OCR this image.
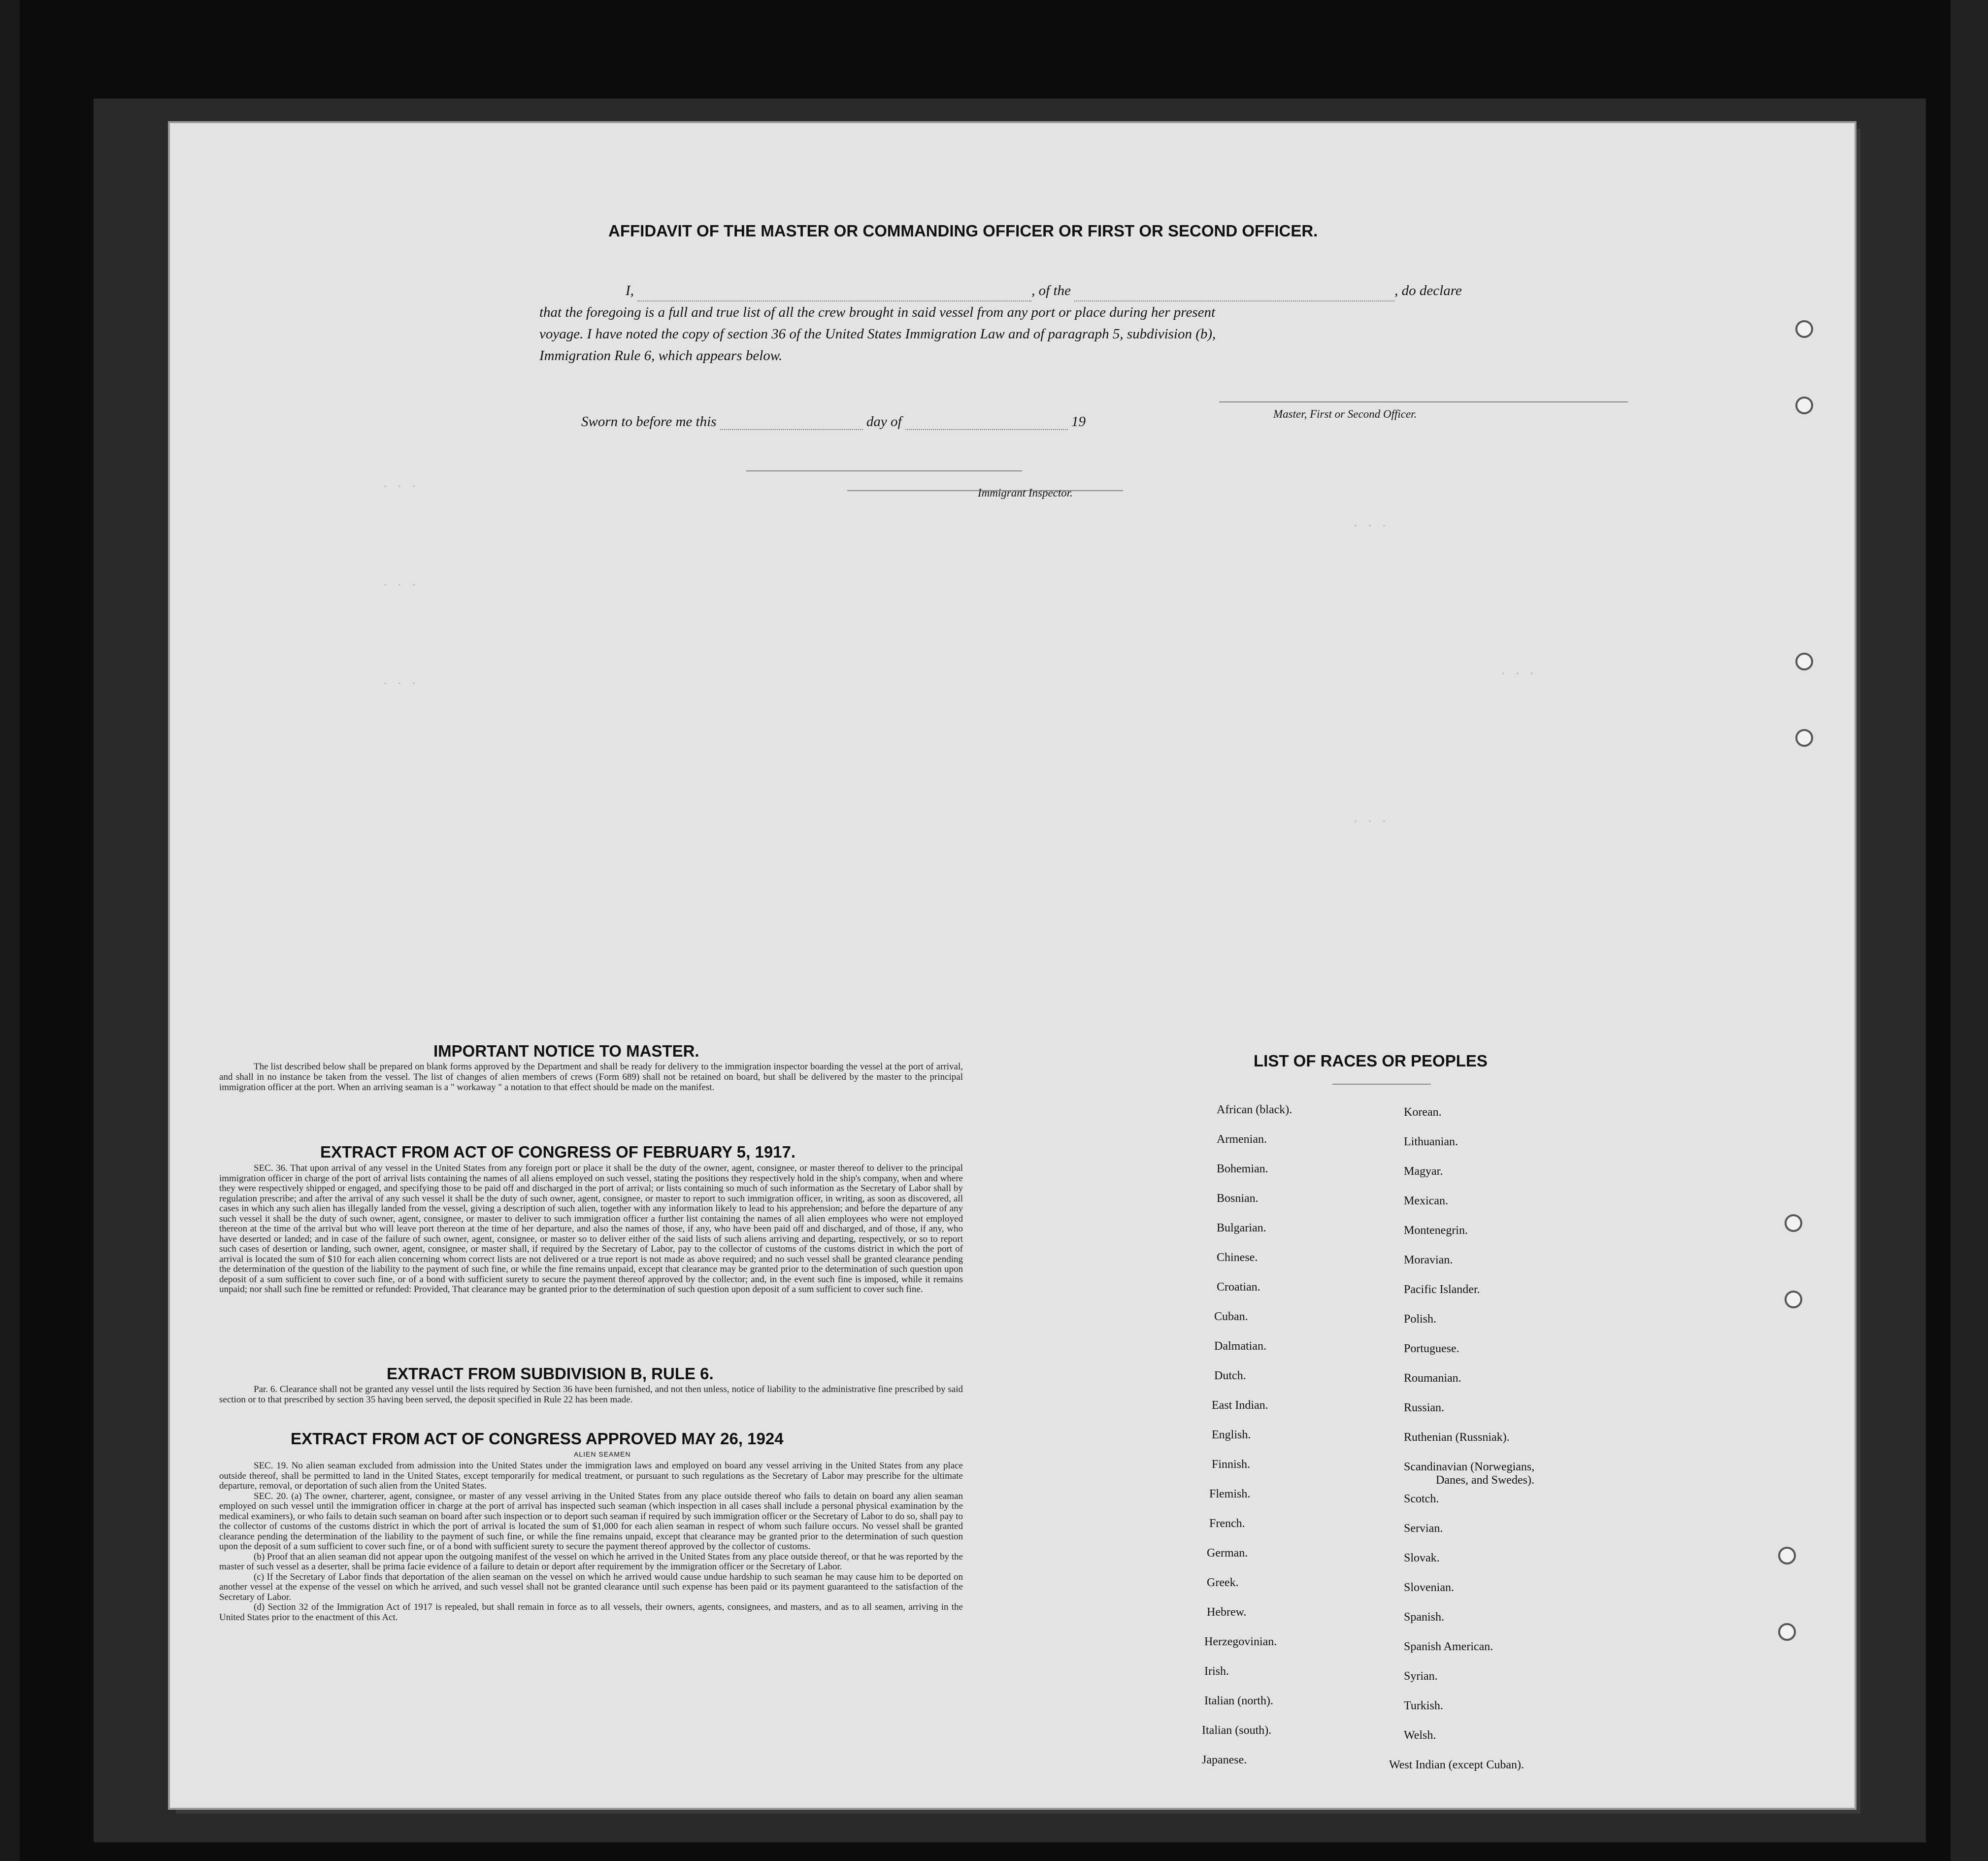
. . .
. . .
. . .
. . .
. . .
. . .
AFFIDAVIT OF THE MASTER OR COMMANDING OFFICER OR FIRST OR SECOND OFFICER.
I,	, of the	, do declare
that the foregoing is a full and true list of all the crew brought in said vessel from any port or place during her present
voyage. I have noted the copy of section 36 of the United States Immigration Law and of paragraph 5, subdivision (b),
Immigration Rule 6, which appears below.
Master, First or Second Officer.
Sworn to before me this	day of	19
Immigrant Inspector.
IMPORTANT NOTICE TO MASTER.
The list described below shall be prepared on blank forms approved by the Department and shall be ready for delivery to the immigration inspector boarding the vessel at the port of arrival, and shall in no instance be taken from the vessel. The list of changes of alien members of crews (Form 689) shall not be retained on board, but shall be delivered by the master to the principal immigration officer at the port. When an arriving seaman is a " workaway " a notation to that effect should be made on the manifest.
EXTRACT FROM ACT OF CONGRESS OF FEBRUARY 5, 1917.
SEC. 36. That upon arrival of any vessel in the United States from any foreign port or place it shall be the duty of the owner, agent, consignee, or master thereof to deliver to the principal immigration officer in charge of the port of arrival lists containing the names of all aliens employed on such vessel, stating the positions they respectively hold in the ship's company, when and where they were respectively shipped or engaged, and specifying those to be paid off and discharged in the port of arrival; or lists containing so much of such information as the Secretary of Labor shall by regulation prescribe; and after the arrival of any such vessel it shall be the duty of such owner, agent, consignee, or master to report to such immigration officer, in writing, as soon as discovered, all cases in which any such alien has illegally landed from the vessel, giving a description of such alien, together with any information likely to lead to his apprehension; and before the departure of any such vessel it shall be the duty of such owner, agent, consignee, or master to deliver to such immigration officer a further list containing the names of all alien employees who were not employed thereon at the time of the arrival but who will leave port thereon at the time of her departure, and also the names of those, if any, who have been paid off and discharged, and of those, if any, who have deserted or landed; and in case of the failure of such owner, agent, consignee, or master so to deliver either of the said lists of such aliens arriving and departing, respectively, or so to report such cases of desertion or landing, such owner, agent, consignee, or master shall, if required by the Secretary of Labor, pay to the collector of customs of the customs district in which the port of arrival is located the sum of $10 for each alien concerning whom correct lists are not delivered or a true report is not made as above required; and no such vessel shall be granted clearance pending the determination of the question of the liability to the payment of such fine, or while the fine remains unpaid, except that clearance may be granted prior to the determination of such question upon deposit of a sum sufficient to cover such fine, or of a bond with sufficient surety to secure the payment thereof approved by the collector; and, in the event such fine is imposed, while it remains unpaid; nor shall such fine be remitted or refunded: Provided, That clearance may be granted prior to the determination of such question upon deposit of a sum sufficient to cover such fine.
EXTRACT FROM SUBDIVISION B, RULE 6.
Par. 6. Clearance shall not be granted any vessel until the lists required by Section 36 have been furnished, and not then unless, notice of liability to the administrative fine prescribed by said section or to that prescribed by section 35 having been served, the deposit specified in Rule 22 has been made.
EXTRACT FROM ACT OF CONGRESS APPROVED MAY 26, 1924
ALIEN SEAMEN
SEC. 19. No alien seaman excluded from admission into the United States under the immigration laws and employed on board any vessel arriving in the United States from any place outside thereof, shall be permitted to land in the United States, except temporarily for medical treatment, or pursuant to such regulations as the Secretary of Labor may prescribe for the ultimate departure, removal, or deportation of such alien from the United States.
SEC. 20. (a) The owner, charterer, agent, consignee, or master of any vessel arriving in the United States from any place outside thereof who fails to detain on board any alien seaman employed on such vessel until the immigration officer in charge at the port of arrival has inspected such seaman (which inspection in all cases shall include a personal physical examination by the medical examiners), or who fails to detain such seaman on board after such inspection or to deport such seaman if required by such immigration officer or the Secretary of Labor to do so, shall pay to the collector of customs of the customs district in which the port of arrival is located the sum of $1,000 for each alien seaman in respect of whom such failure occurs. No vessel shall be granted clearance pending the determination of the liability to the payment of such fine, or while the fine remains unpaid, except that clearance may be granted prior to the determination of such question upon the deposit of a sum sufficient to cover such fine, or of a bond with sufficient surety to secure the payment thereof approved by the collector of customs.
(b) Proof that an alien seaman did not appear upon the outgoing manifest of the vessel on which he arrived in the United States from any place outside thereof, or that he was reported by the master of such vessel as a deserter, shall be prima facie evidence of a failure to detain or deport after requirement by the immigration officer or the Secretary of Labor.
(c) If the Secretary of Labor finds that deportation of the alien seaman on the vessel on which he arrived would cause undue hardship to such seaman he may cause him to be deported on another vessel at the expense of the vessel on which he arrived, and such vessel shall not be granted clearance until such expense has been paid or its payment guaranteed to the satisfaction of the Secretary of Labor.
(d) Section 32 of the Immigration Act of 1917 is repealed, but shall remain in force as to all vessels, their owners, agents, consignees, and masters, and as to all seamen, arriving in the United States prior to the enactment of this Act.
LIST OF RACES OR PEOPLES
African (black).
Armenian.
Bohemian.
Bosnian.
Bulgarian.
Chinese.
Croatian.
Cuban.
Dalmatian.
Dutch.
East Indian.
English.
Finnish.
Flemish.
French.
German.
Greek.
Hebrew.
Herzegovinian.
Irish.
Italian (north).
Italian (south).
Japanese.
Korean.
Lithuanian.
Magyar.
Mexican.
Montenegrin.
Moravian.
Pacific Islander.
Polish.
Portuguese.
Roumanian.
Russian.
Ruthenian (Russniak).
Scandinavian (Norwegians,
Danes, and Swedes).
Scotch.
Servian.
Slovak.
Slovenian.
Spanish.
Spanish American.
Syrian.
Turkish.
Welsh.
West Indian (except Cuban).
